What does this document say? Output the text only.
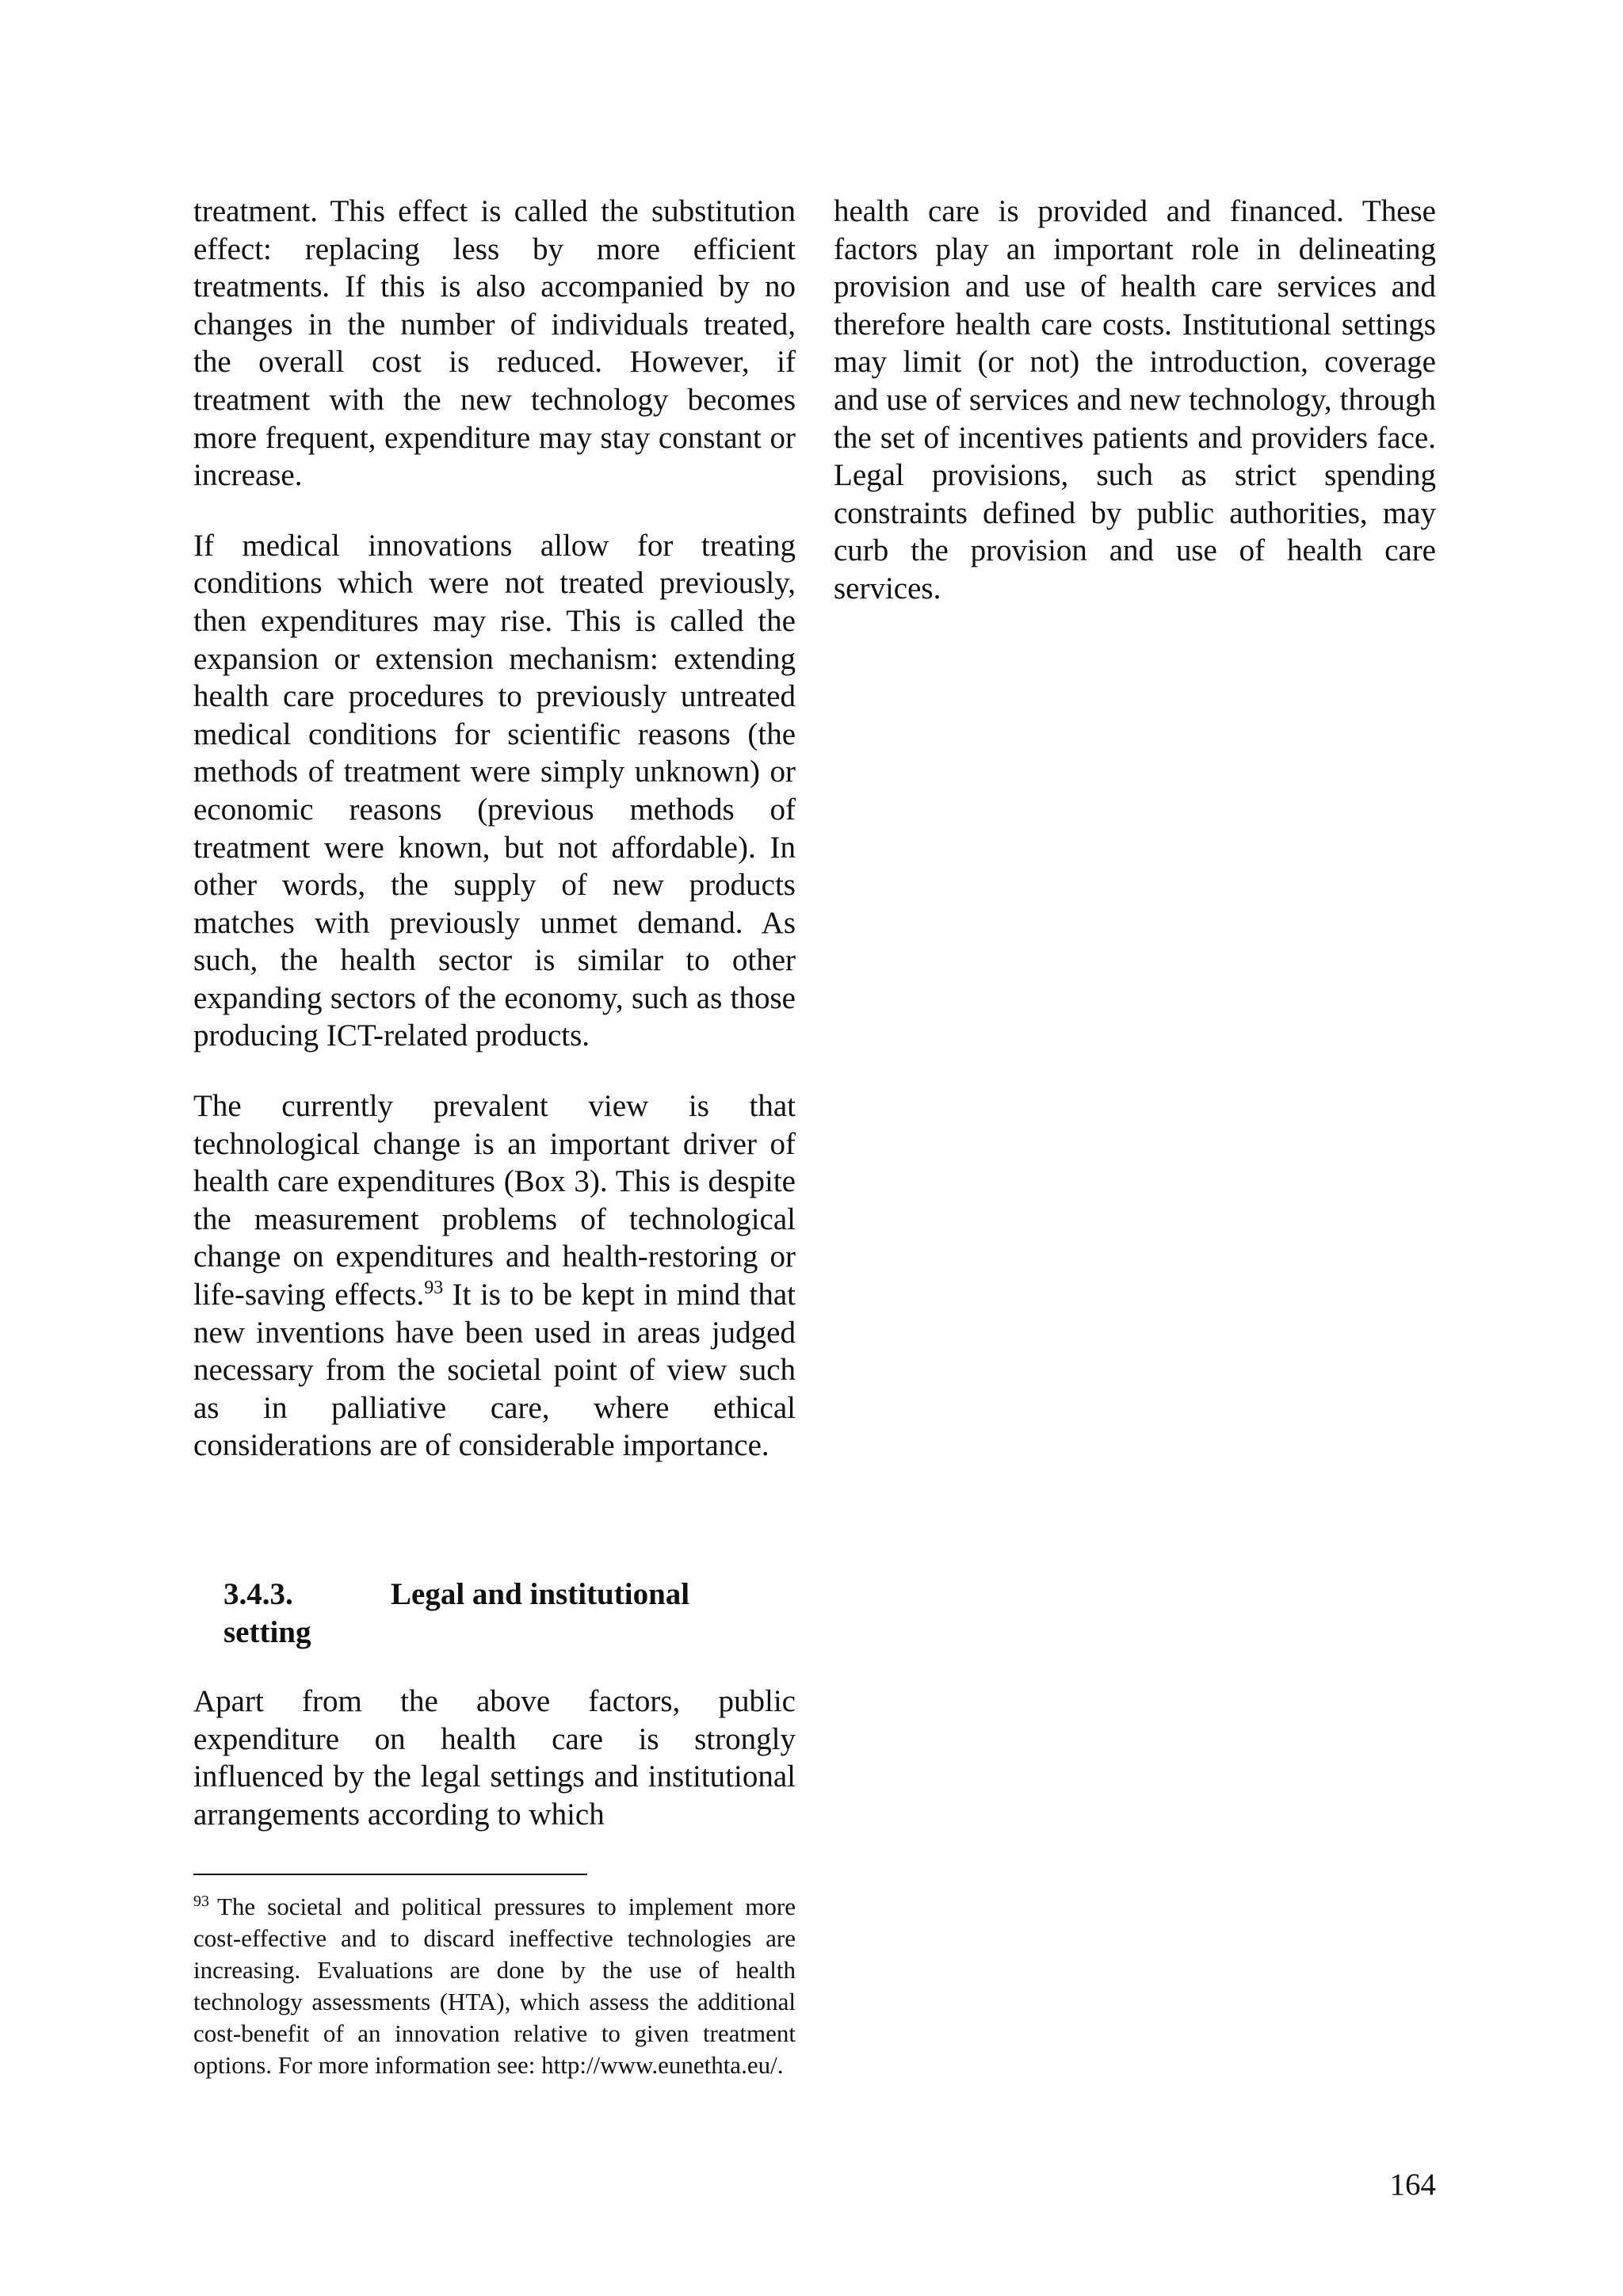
treatment. This effect is called the substitution effect: replacing less by more efficient treatments. If this is also accompanied by no changes in the number of individuals treated, the overall cost is reduced. However, if treatment with the new technology becomes more frequent, expenditure may stay constant or increase.

If medical innovations allow for treating conditions which were not treated previously, then expenditures may rise. This is called the expansion or extension mechanism: extending health care procedures to previously untreated medical conditions for scientific reasons (the methods of treatment were simply unknown) or economic reasons (previous methods of treatment were known, but not affordable). In other words, the supply of new products matches with previously unmet demand. As such, the health sector is similar to other expanding sectors of the economy, such as those producing ICT-related products.

The currently prevalent view is that technological change is an important driver of health care expenditures (Box 3). This is despite the measurement problems of technological change on expenditures and health-restoring or life-saving effects.$^{93}$ It is to be kept in mind that new inventions have been used in areas judged necessary from the societal point of view such as in palliative care, where ethical considerations are of considerable importance.

3.4.3.	Legal and institutional
setting

Apart from the above factors, public expenditure on health care is strongly influenced by the legal settings and institutional arrangements according to which

health care is provided and financed. These factors play an important role in delineating provision and use of health care services and therefore health care costs. Institutional settings may limit (or not) the introduction, coverage and use of services and new technology, through the set of incentives patients and providers face. Legal provisions, such as strict spending constraints defined by public authorities, may curb the provision and use of health care services.

$^{93}$ The societal and political pressures to implement more cost-effective and to discard ineffective technologies are increasing. Evaluations are done by the use of health technology assessments (HTA), which assess the additional cost-benefit of an innovation relative to given treatment options. For more information see: http://www.eunethta.eu/.
164
